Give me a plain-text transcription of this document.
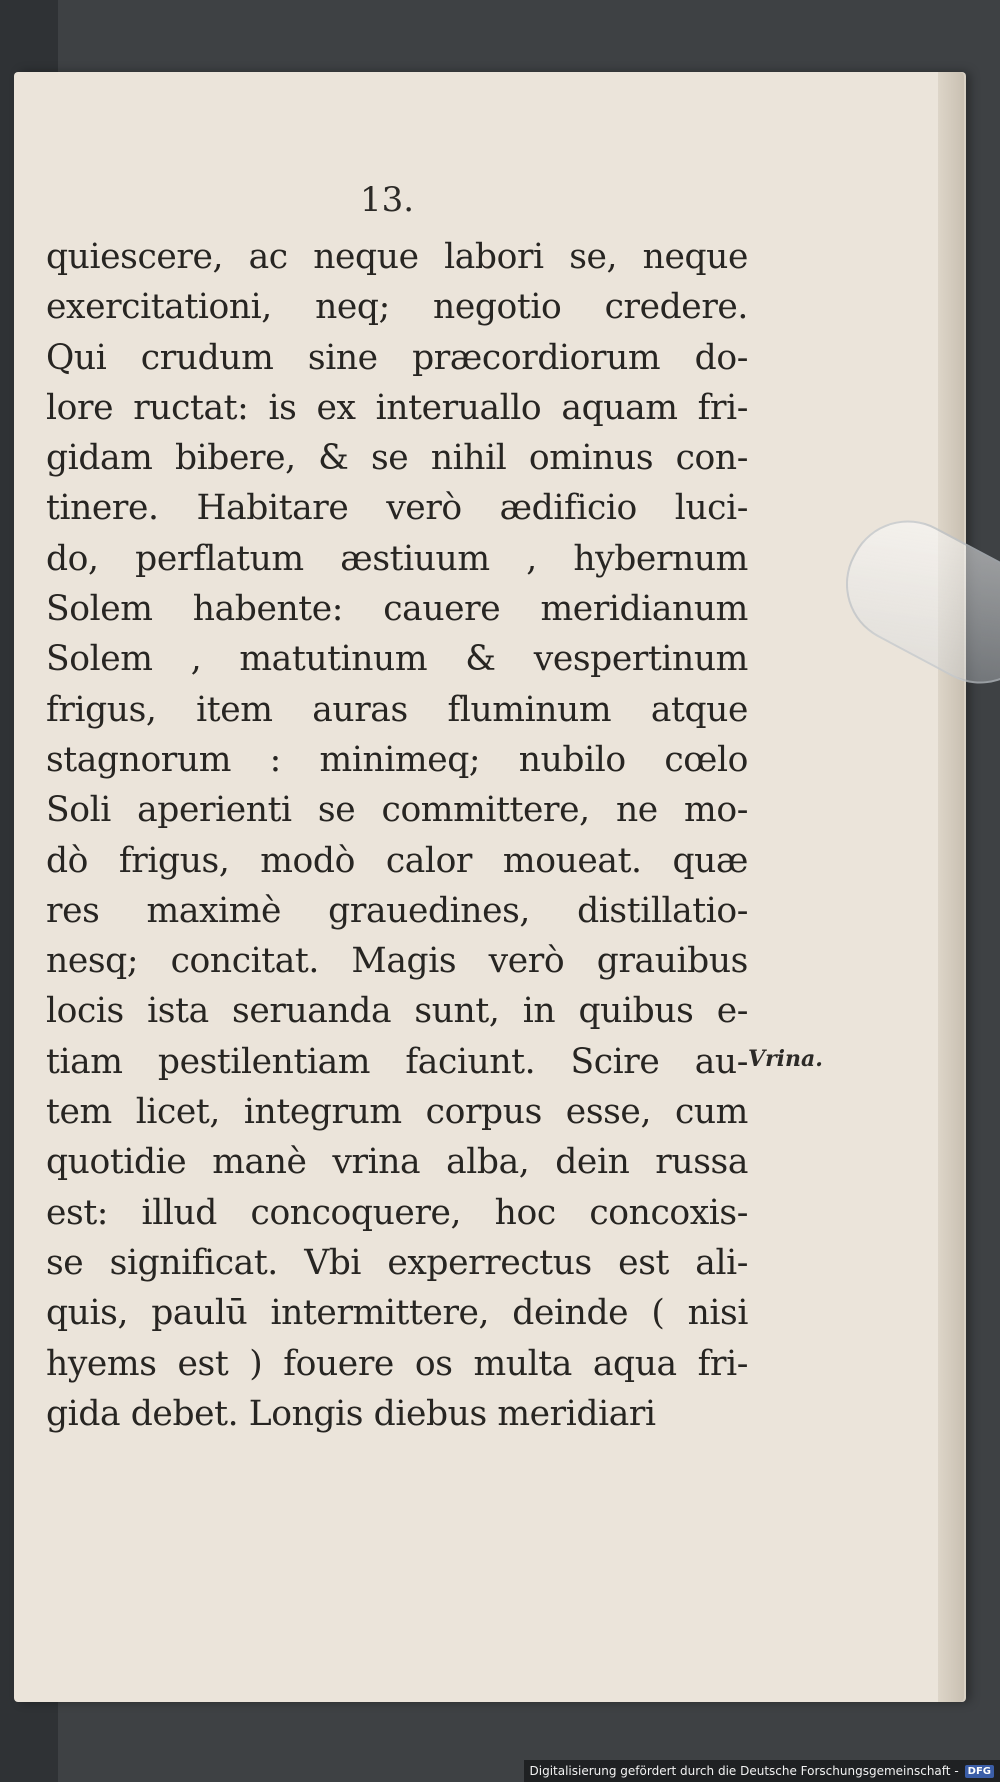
13.
quiescere, ac neque labori se, neque
exercitationi, neq; negotio credere.
Qui crudum sine præcordiorum do-
lore ructat: is ex interuallo aquam fri-
gidam bibere, & se nihil ominus con-
tinere. Habitare verò ædificio luci-
do, perflatum æstiuum , hybernum
Solem habente: cauere meridianum
Solem , matutinum & vespertinum
frigus, item auras fluminum atque
stagnorum : minimeq; nubilo cœlo
Soli aperienti se committere, ne mo-
dò frigus, modò calor moueat. quæ
res maximè grauedines, distillatio-
nesq; concitat. Magis verò grauibus
locis ista seruanda sunt, in quibus e-
tiam pestilentiam faciunt. Scire au-
tem licet, integrum corpus esse, cum
quotidie manè vrina alba, dein russa
est: illud concoquere, hoc concoxis-
se significat. Vbi experrectus est ali-
quis, paulū intermittere, deinde ( nisi
hyems est ) fouere os multa aqua fri-
gida debet. Longis diebus meridiari
Vrina.
Digitalisierung gefördert durch die Deutsche Forschungsgemeinschaft - DFG
